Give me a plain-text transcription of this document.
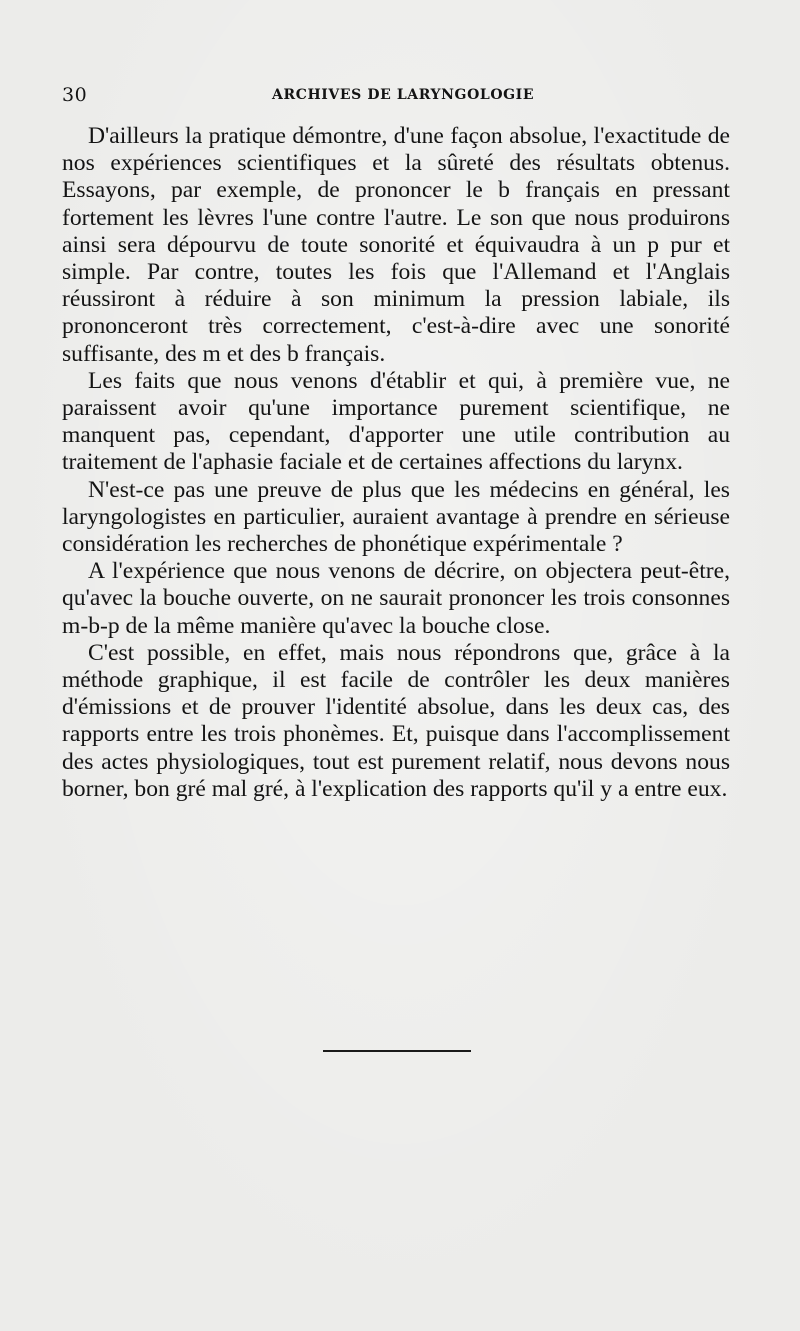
30	ARCHIVES DE LARYNGOLOGIE

D'ailleurs la pratique démontre, d'une façon absolue, l'exactitude de nos expériences scientifiques et la sûreté des résultats obtenus. Essayons, par exemple, de prononcer le b français en pressant fortement les lèvres l'une contre l'autre. Le son que nous produirons ainsi sera dépourvu de toute sonorité et équivaudra à un p pur et simple. Par contre, toutes les fois que l'Allemand et l'Anglais réussiront à réduire à son minimum la pression labiale, ils prononceront très correctement, c'est-à-dire avec une sonorité suffisante, des m et des b français.

Les faits que nous venons d'établir et qui, à première vue, ne paraissent avoir qu'une importance purement scientifique, ne manquent pas, cependant, d'apporter une utile contribution au traitement de l'aphasie faciale et de certaines affections du larynx.

N'est-ce pas une preuve de plus que les médecins en général, les laryngologistes en particulier, auraient avantage à prendre en sérieuse considération les recherches de phonétique expérimentale ?

A l'expérience que nous venons de décrire, on objectera peut-être, qu'avec la bouche ouverte, on ne saurait prononcer les trois consonnes m-b-p de la même manière qu'avec la bouche close.

C'est possible, en effet, mais nous répondrons que, grâce à la méthode graphique, il est facile de contrôler les deux manières d'émissions et de prouver l'identité absolue, dans les deux cas, des rapports entre les trois phonèmes. Et, puisque dans l'accomplissement des actes physiologiques, tout est purement relatif, nous devons nous borner, bon gré mal gré, à l'explication des rapports qu'il y a entre eux.
